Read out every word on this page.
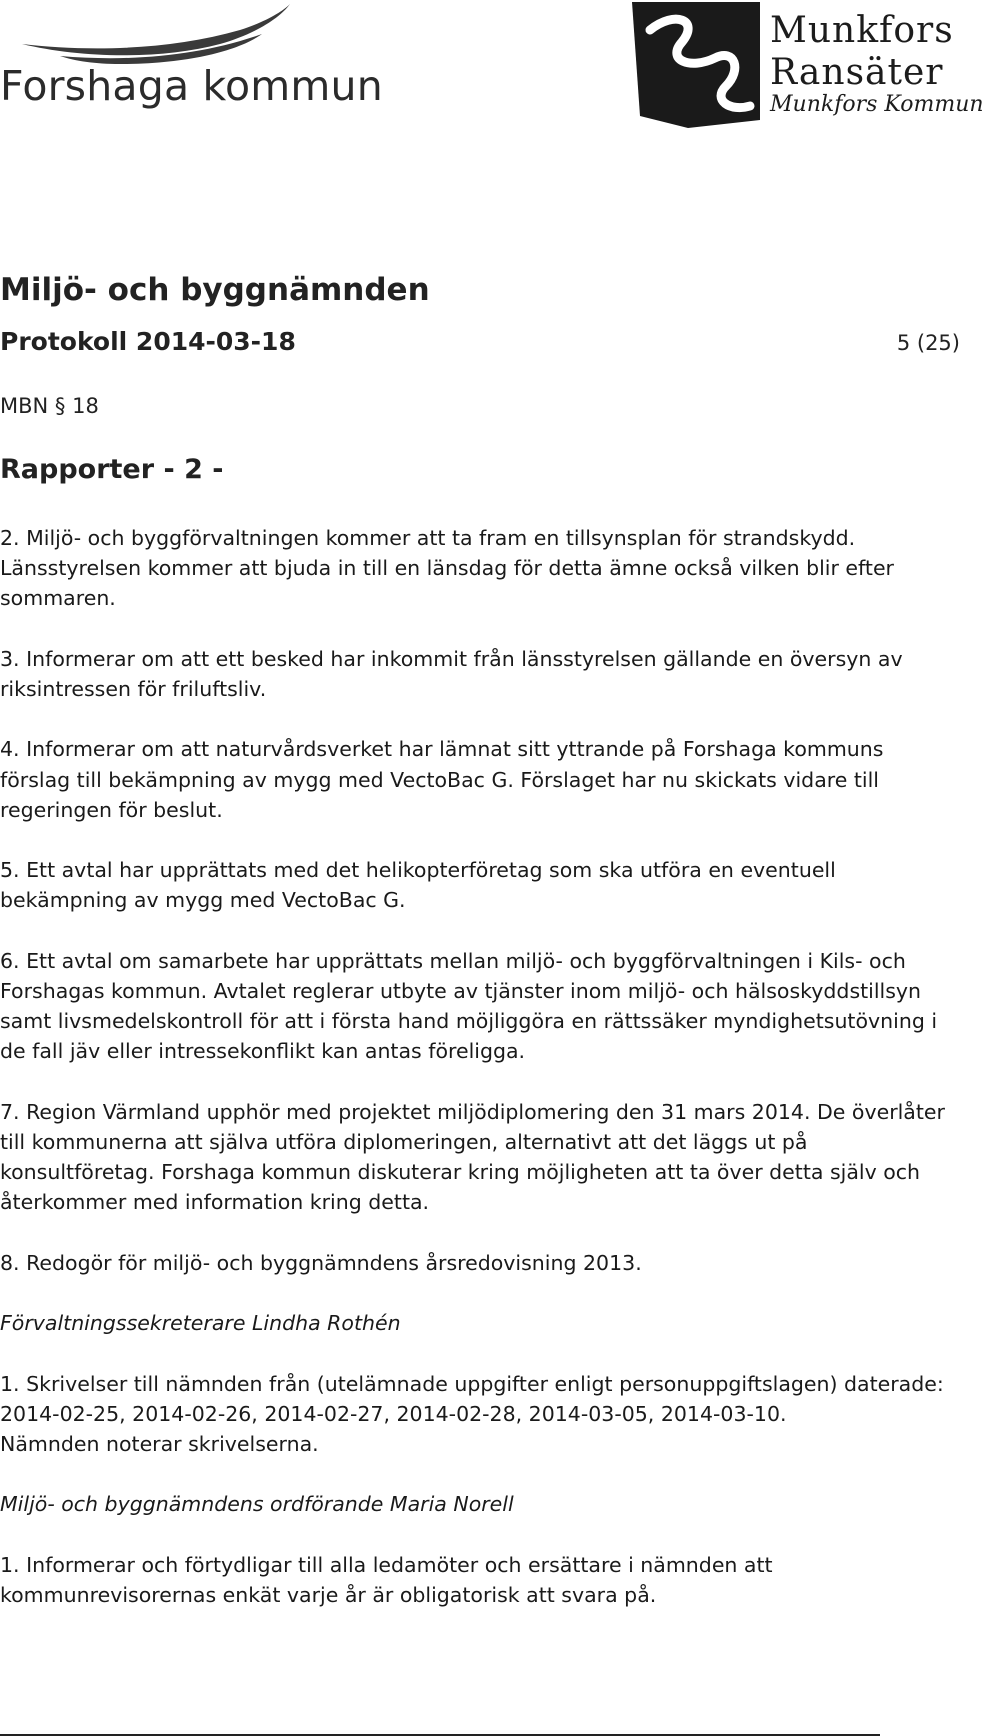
Forshaga kommun
Munkfors
Ransäter
Munkfors Kommun
Miljö- och byggnämnden
Protokoll 2014-03-18	5 (25)
MBN § 18
Rapporter - 2 -

2. Miljö- och byggförvaltningen kommer att ta fram en tillsynsplan för strandskydd. Länsstyrelsen kommer att bjuda in till en länsdag för detta ämne också vilken blir efter sommaren.

3. Informerar om att ett besked har inkommit från länsstyrelsen gällande en översyn av riksintressen för friluftsliv.

4. Informerar om att naturvårdsverket har lämnat sitt yttrande på Forshaga kommuns förslag till bekämpning av mygg med VectoBac G. Förslaget har nu skickats vidare till regeringen för beslut.

5. Ett avtal har upprättats med det helikopterföretag som ska utföra en eventuell bekämpning av mygg med VectoBac G.

6. Ett avtal om samarbete har upprättats mellan miljö- och byggförvaltningen i Kils- och Forshagas kommun. Avtalet reglerar utbyte av tjänster inom miljö- och hälsoskyddstillsyn samt livsmedelskontroll för att i första hand möjliggöra en rättssäker myndighetsutövning i de fall jäv eller intressekonflikt kan antas föreligga.

7. Region Värmland upphör med projektet miljödiplomering den 31 mars 2014. De överlåter till kommunerna att själva utföra diplomeringen, alternativt att det läggs ut på konsultföretag. Forshaga kommun diskuterar kring möjligheten att ta över detta själv och återkommer med information kring detta.

8. Redogör för miljö- och byggnämndens årsredovisning 2013.

Förvaltningssekreterare Lindha Rothén

1. Skrivelser till nämnden från (utelämnade uppgifter enligt personuppgiftslagen) daterade: 2014-02-25, 2014-02-26, 2014-02-27, 2014-02-28, 2014-03-05, 2014-03-10.

Nämnden noterar skrivelserna.

Miljö- och byggnämndens ordförande Maria Norell

1. Informerar och förtydligar till alla ledamöter och ersättare i nämnden att kommunrevisorernas enkät varje år är obligatorisk att svara på.
